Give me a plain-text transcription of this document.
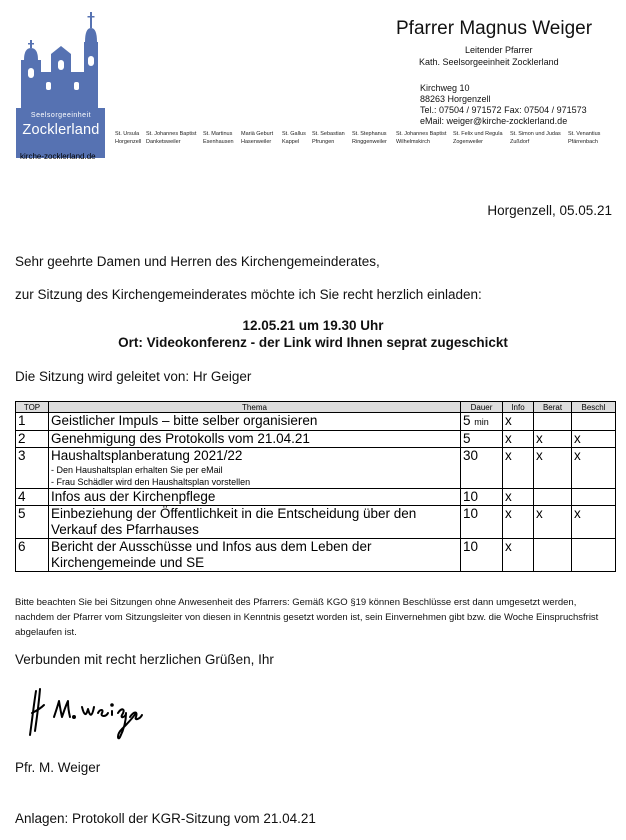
Seelsorgeeinheit
Zocklerland
kirche-zocklerland.de
Pfarrer Magnus Weiger
Leitender Pfarrer
Kath. Seelsorgeeinheit Zocklerland
Kirchweg 10
88263 Horgenzell
Tel.: 07504 / 971572 Fax: 07504 / 971573
eMail: weiger@kirche-zocklerland.de
St. Ursula
Horgenzell
St. Johannes Baptist
Danketsweiler
St. Martinus
Esenhausen
Mariä Geburt
Hasenweiler
St. Gallus
Kappel
St. Sebastian
Pfrungen
St. Stephanus
Ringgenweiler
St. Johannes Baptist
Wilhelmskirch
St. Felix und Regula
Zogenweiler
St. Simon und Judas
Zußdorf
St. Venantius
Pfärrenbach
Horgenzell, 05.05.21
Sehr geehrte Damen und Herren des Kirchengemeinderates,
zur Sitzung des Kirchengemeinderates möchte ich Sie recht herzlich einladen:
12.05.21 um 19.30 Uhr
Ort: Videokonferenz - der Link wird Ihnen seprat zugeschickt
Die Sitzung wird geleitet von: Hr Geiger
TOP	Thema	Dauer	Info	Berat	Beschl
1	Geistlicher Impuls – bitte selber organisieren	5 min	x		
2	Genehmigung des Protokolls vom 21.04.21	5	x	x	x
3	Haushaltsplanberatung 2021/22
- Den Haushaltsplan erhalten Sie per eMail
- Frau Schädler wird den Haushaltsplan vorstellen	30	x	x	x
4	Infos aus der Kirchenpflege	10	x		
5	Einbeziehung der Öffentlichkeit in die Entscheidung über den Verkauf des Pfarrhauses	10	x	x	x
6	Bericht der Ausschüsse und Infos aus dem Leben der Kirchengemeinde und SE	10	x		
Bitte beachten Sie bei Sitzungen ohne Anwesenheit des Pfarrers: Gemäß KGO §19 können Beschlüsse erst dann umgesetzt werden, nachdem der Pfarrer vom Sitzungsleiter von diesen in Kenntnis gesetzt worden ist, sein Einvernehmen gibt bzw. die Woche Einspruchsfrist abgelaufen ist.
Verbunden mit recht herzlichen Grüßen, Ihr
Pfr. M. Weiger
Anlagen: Protokoll der KGR-Sitzung vom 21.04.21
